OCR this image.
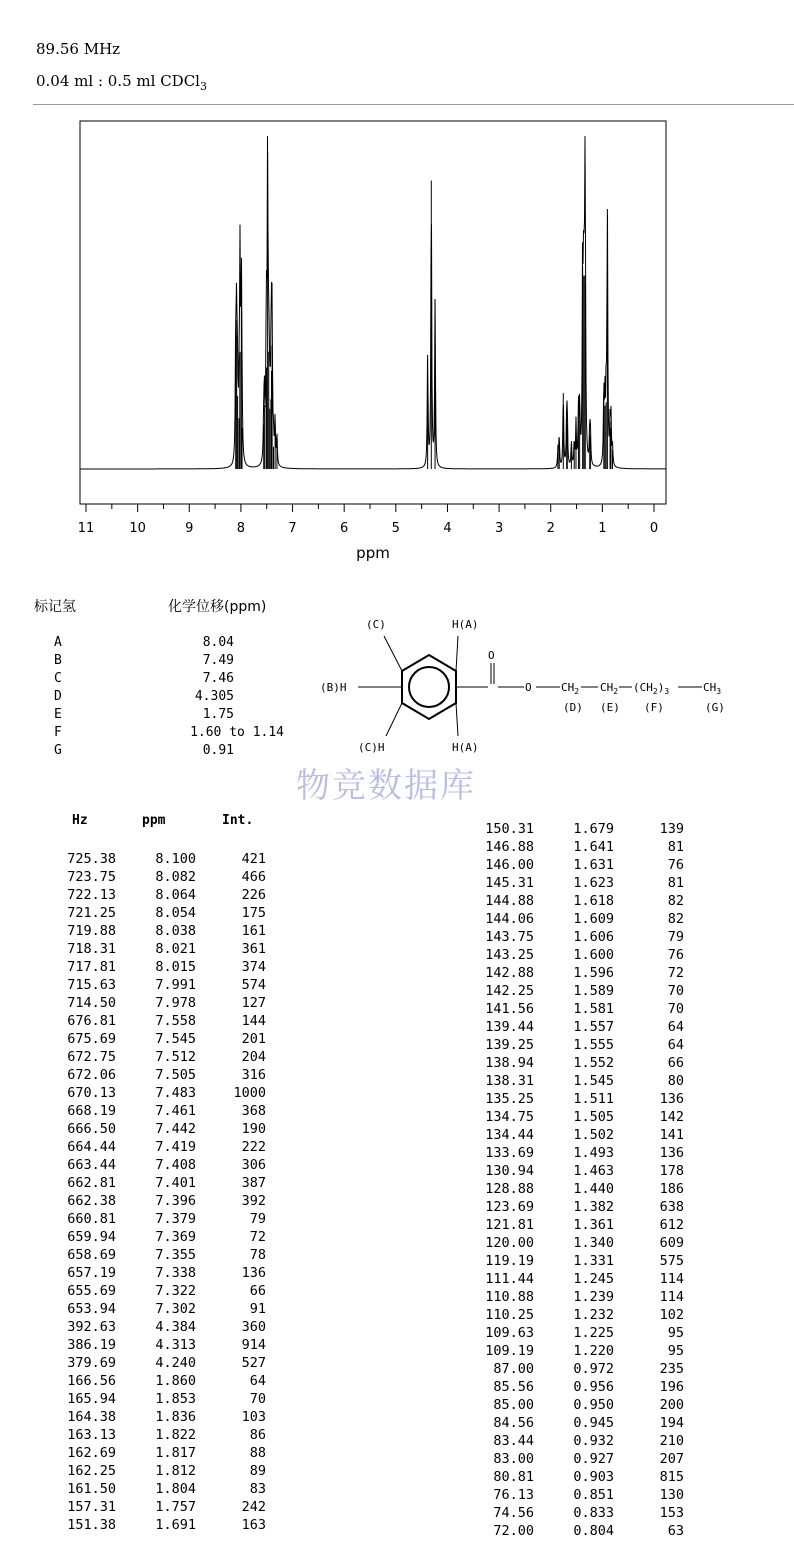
89.56 MHz
0.04 ml : 0.5 ml CDCl$_3$
11	10	9	8	7	6	5	4	3	2	1	0
ppm
标记氢	化学位移(ppm)
A	8.04
B	7.49
C	7.46
D	4.305
E	1.75
F	1.60 to 1.14
G	0.91
(C)	H(A)
(B)H
(C)H	H(A)
O
O	$CH_2$ $CH_2$ $(CH_2)_3$	$CH_3$
(D) (E) (F)	(G)
物竞数据库
Hz	ppm	Int.
725.38	8.100	421
723.75	8.082	466
722.13	8.064	226
721.25	8.054	175
719.88	8.038	161
718.31	8.021	361
717.81	8.015	374
715.63	7.991	574
714.50	7.978	127
676.81	7.558	144
675.69	7.545	201
672.75	7.512	204
672.06	7.505	316
670.13	7.483	1000
668.19	7.461	368
666.50	7.442	190
664.44	7.419	222
663.44	7.408	306
662.81	7.401	387
662.38	7.396	392
660.81	7.379	79
659.94	7.369	72
658.69	7.355	78
657.19	7.338	136
655.69	7.322	66
653.94	7.302	91
392.63	4.384	360
386.19	4.313	914
379.69	4.240	527
166.56	1.860	64
165.94	1.853	70
164.38	1.836	103
163.13	1.822	86
162.69	1.817	88
162.25	1.812	89
161.50	1.804	83
157.31	1.757	242
151.38	1.691	163
150.31	1.679	139
146.88	1.641	81
146.00	1.631	76
145.31	1.623	81
144.88	1.618	82
144.06	1.609	82
143.75	1.606	79
143.25	1.600	76
142.88	1.596	72
142.25	1.589	70
141.56	1.581	70
139.44	1.557	64
139.25	1.555	64
138.94	1.552	66
138.31	1.545	80
135.25	1.511	136
134.75	1.505	142
134.44	1.502	141
133.69	1.493	136
130.94	1.463	178
128.88	1.440	186
123.69	1.382	638
121.81	1.361	612
120.00	1.340	609
119.19	1.331	575
111.44	1.245	114
110.88	1.239	114
110.25	1.232	102
109.63	1.225	95
109.19	1.220	95
87.00	0.972	235
85.56	0.956	196
85.00	0.950	200
84.56	0.945	194
83.44	0.932	210
83.00	0.927	207
80.81	0.903	815
76.13	0.851	130
74.56	0.833	153
72.00	0.804	63
